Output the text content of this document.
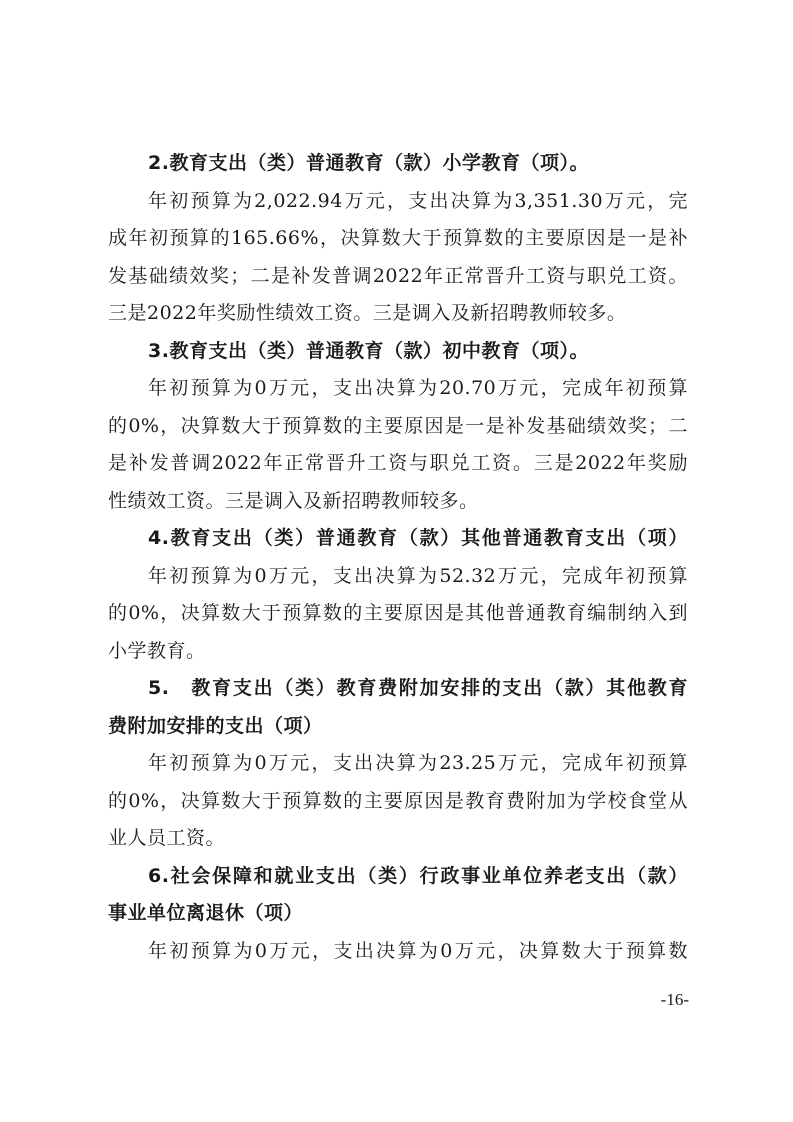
2.教育支出（类）普通教育（款）小学教育（项）。
年初预算为2,022.94万元，支出决算为3,351.30万元，完
成年初预算的165.66%，决算数大于预算数的主要原因是一是补
发基础绩效奖；二是补发普调2022年正常晋升工资与职兑工资。
三是2022年奖励性绩效工资。三是调入及新招聘教师较多。
3.教育支出（类）普通教育（款）初中教育（项）。
年初预算为0万元，支出决算为20.70万元，完成年初预算
的0%，决算数大于预算数的主要原因是一是补发基础绩效奖；二
是补发普调2022年正常晋升工资与职兑工资。三是2022年奖励
性绩效工资。三是调入及新招聘教师较多。
4.教育支出（类）普通教育（款）其他普通教育支出（项）
年初预算为0万元，支出决算为52.32万元，完成年初预算
的0%，决算数大于预算数的主要原因是其他普通教育编制纳入到
小学教育。
5.　教育支出（类）教育费附加安排的支出（款）其他教育
费附加安排的支出（项）
年初预算为0万元，支出决算为23.25万元，完成年初预算
的0%，决算数大于预算数的主要原因是教育费附加为学校食堂从
业人员工资。
6.社会保障和就业支出（类）行政事业单位养老支出（款）
事业单位离退休（项）
年初预算为0万元，支出决算为0万元，决算数大于预算数
-16-
